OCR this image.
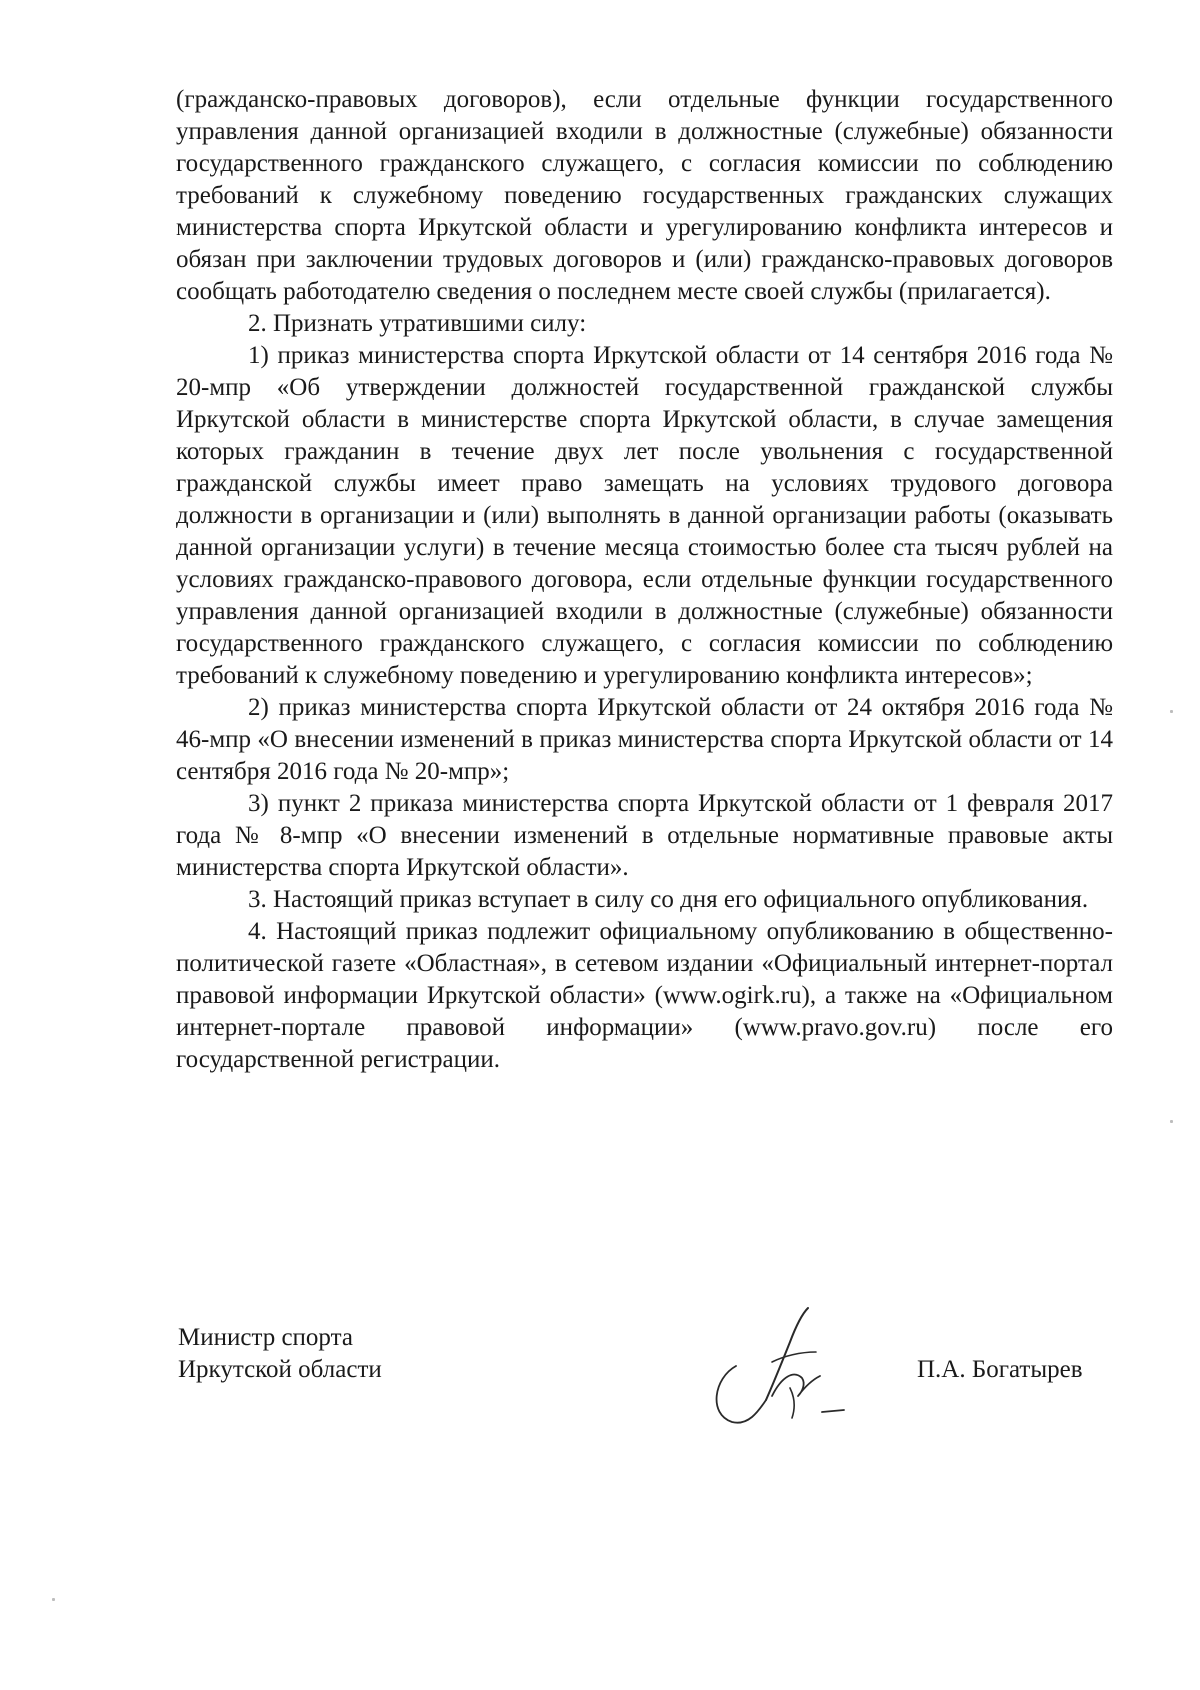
(гражданско-правовых договоров), если отдельные функции государственного управления данной организацией входили в должностные (служебные) обязанности государственного гражданского служащего, с согласия комиссии по соблюдению требований к служебному поведению государственных гражданских служащих министерства спорта Иркутской области и урегулированию конфликта интересов и обязан при заключении трудовых договоров и (или) гражданско-правовых договоров сообщать работодателю сведения о последнем месте своей службы (прилагается).

2. Признать утратившими силу:

1) приказ министерства спорта Иркутской области от 14 сентября 2016 года № 20-мпр «Об утверждении должностей государственной гражданской службы Иркутской области в министерстве спорта Иркутской области, в случае замещения которых гражданин в течение двух лет после увольнения с государственной гражданской службы имеет право замещать на условиях трудового договора должности в организации и (или) выполнять в данной организации работы (оказывать данной организации услуги) в течение месяца стоимостью более ста тысяч рублей на условиях гражданско-правового договора, если отдельные функции государственного управления данной организацией входили в должностные (служебные) обязанности государственного гражданского служащего, с согласия комиссии по соблюдению требований к служебному поведению и урегулированию конфликта интересов»;

2) приказ министерства спорта Иркутской области от 24 октября 2016 года № 46-мпр «О внесении изменений в приказ министерства спорта Иркутской области от 14 сентября 2016 года № 20-мпр»;

3) пункт 2 приказа министерства спорта Иркутской области от 1 февраля 2017 года № 8-мпр «О внесении изменений в отдельные нормативные правовые акты министерства спорта Иркутской области».

3. Настоящий приказ вступает в силу со дня его официального опубликования.

4. Настоящий приказ подлежит официальному опубликованию в общественно-политической газете «Областная», в сетевом издании «Официальный интернет-портал правовой информации Иркутской области» (www.ogirk.ru), а также на «Официальном интернет-портале правовой информации» (www.pravo.gov.ru) после его государственной регистрации.

Министр спорта
Иркутской области	П.А. Богатырев
